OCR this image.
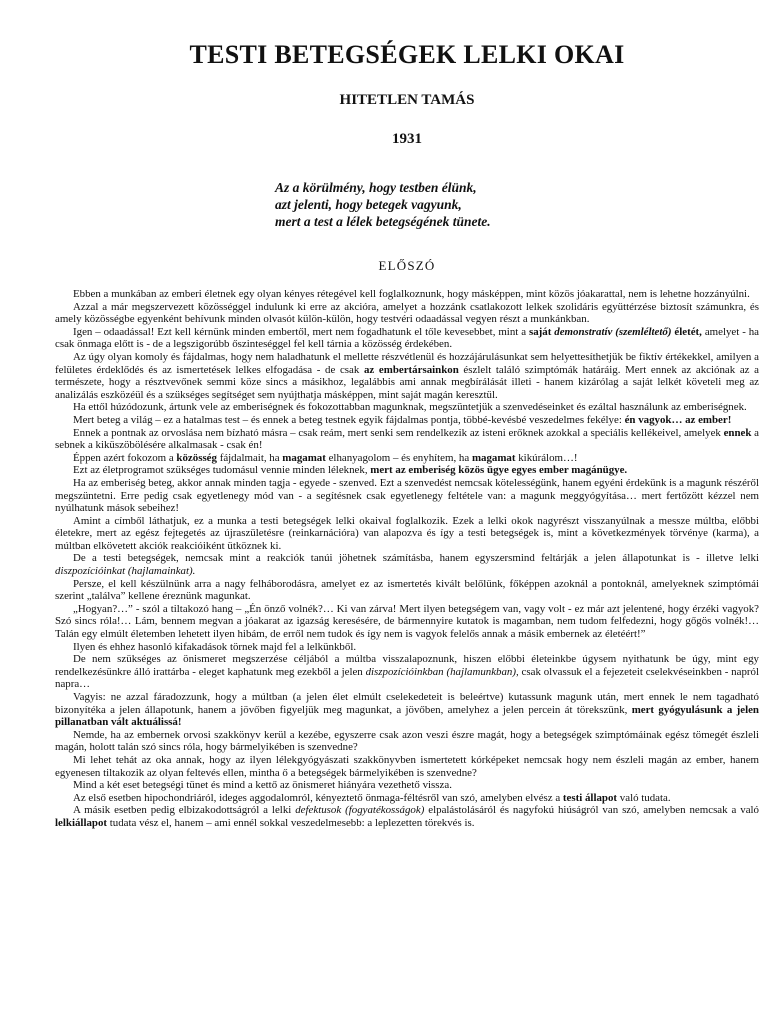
TESTI BETEGSÉGEK LELKI OKAI
HITETLEN TAMÁS
1931
Az a körülmény, hogy testben élünk,
azt jelenti, hogy betegek vagyunk,
mert a test a lélek betegségének tünete.
ELŐSZÓ

Ebben a munkában az emberi életnek egy olyan kényes rétegével kell foglalkoznunk, hogy másképpen, mint közös jóakarattal, nem is lehetne hozzányúlni.

Azzal a már megszervezett közösséggel indulunk ki erre az akcióra, amelyet a hozzánk csatlakozott lelkek szolidáris együttérzése biztosít számunkra, és amely közösségbe egyenként behívunk minden olvasót külön-külön, hogy testvéri odaadással vegyen részt a munkánkban.

Igen – odaadással! Ezt kell kérnünk minden embertől, mert nem fogadhatunk el tőle kevesebbet, mint a saját demonstratív (szemléltető) életét, amelyet - ha csak önmaga előtt is - de a legszigorúbb őszinteséggel fel kell tárnia a közösség érdekében.

Az úgy olyan komoly és fájdalmas, hogy nem haladhatunk el mellette részvétlenül és hozzájárulásunkat sem helyettesíthetjük be fiktív értékekkel, amilyen a felületes érdeklődés és az ismertetések lelkes elfogadása - de csak az embertársainkon észlelt találó szimptómák határáig. Mert ennek az akciónak az a természete, hogy a résztvevőnek semmi köze sincs a másikhoz, legalábbis ami annak megbírálását illeti - hanem kizárólag a saját lelkét követeli meg az analizálás eszközéül és a szükséges segítséget sem nyújthatja másképpen, mint saját magán keresztül.

Ha ettől húzódozunk, ártunk vele az emberiségnek és fokozottabban magunknak, megszüntetjük a szenvedéseinket és ezáltal használunk az emberiségnek.

Mert beteg a világ – ez a hatalmas test – és ennek a beteg testnek egyik fájdalmas pontja, többé-kevésbé veszedelmes fekélye: én vagyok… az ember!

Ennek a pontnak az orvoslása nem bízható másra – csak reám, mert senki sem rendelkezik az isteni erőknek azokkal a speciális kellékeivel, amelyek ennek a sebnek a kiküszöbölésére alkalmasak - csak én!

Éppen azért fokozom a közösség fájdalmait, ha magamat elhanyagolom – és enyhítem, ha magamat kikúrálom…!

Ezt az életprogramot szükséges tudomásul vennie minden léleknek, mert az emberiség közös ügye egyes ember magánügye.

Ha az emberiség beteg, akkor annak minden tagja - egyede - szenved. Ezt a szenvedést nemcsak kötelességünk, hanem egyéni érdekünk is a magunk részéről megszüntetni. Erre pedig csak egyetlenegy mód van - a segítésnek csak egyetlenegy feltétele van: a magunk meggyógyítása… mert fertőzött kézzel nem nyúlhatunk mások sebeihez!

Amint a címből láthatjuk, ez a munka a testi betegségek lelki okaival foglalkozik. Ezek a lelki okok nagyrészt visszanyúlnak a messze múltba, előbbi életekre, mert az egész fejtegetés az újraszületésre (reinkarnációra) van alapozva és így a testi betegségek is, mint a következmények törvénye (karma), a múltban elkövetett akciók reakcióiként ütköznek ki.

De a testi betegségek, nemcsak mint a reakciók tanúi jöhetnek számításba, hanem egyszersmind feltárják a jelen állapotunkat is - illetve lelki diszpozícióinkat (hajlamainkat).

Persze, el kell készülnünk arra a nagy felháborodásra, amelyet ez az ismertetés kivált belőlünk, főképpen azoknál a pontoknál, amelyeknek szimptómái szerint „találva” kellene éreznünk magunkat.

„Hogyan?…” - szól a tiltakozó hang – „Én önző volnék?… Ki van zárva! Mert ilyen betegségem van, vagy volt - ez már azt jelentené, hogy érzéki vagyok? Szó sincs róla!… Lám, bennem megvan a jóakarat az igazság keresésére, de bármennyire kutatok is magamban, nem tudom felfedezni, hogy gőgös volnék!… Talán egy elmúlt életemben lehetett ilyen hibám, de erről nem tudok és így nem is vagyok felelős annak a másik embernek az életéért!”

Ilyen és ehhez hasonló kifakadások törnek majd fel a lelkünkből.

De nem szükséges az önismeret megszerzése céljából a múltba visszalapoznunk, hiszen előbbi életeinkbe úgysem nyithatunk be úgy, mint egy rendelkezésünkre álló irattárba - eleget kaphatunk meg ezekből a jelen diszpozícióinkban (hajlamunkban), csak olvassuk el a fejezeteit cselekvéseinkben - napról napra…

Vagyis: ne azzal fáradozzunk, hogy a múltban (a jelen élet elmúlt cselekedeteit is beleértve) kutassunk magunk után, mert ennek le nem tagadható bizonyítéka a jelen állapotunk, hanem a jövőben figyeljük meg magunkat, a jövőben, amelyhez a jelen percein át törekszünk, mert gyógyulásunk a jelen pillanatban vált aktuálissá!

Nemde, ha az embernek orvosi szakkönyv kerül a kezébe, egyszerre csak azon veszi észre magát, hogy a betegségek szimptómáinak egész tömegét észleli magán, holott talán szó sincs róla, hogy bármelyikében is szenvedne?

Mi lehet tehát az oka annak, hogy az ilyen lélekgyógyászati szakkönyvben ismertetett kórképeket nemcsak hogy nem észleli magán az ember, hanem egyenesen tiltakozik az olyan feltevés ellen, mintha ő a betegségek bármelyikében is szenvedne?

Mind a két eset betegségi tünet és mind a kettő az önismeret hiányára vezethető vissza.

Az első esetben hipochondriáról, ideges aggodalomról, kényeztető önmaga-féltésről van szó, amelyben elvész a testi állapot való tudata.

A másik esetben pedig elbizakodottságról a lelki defektusok (fogyatékosságok) elpalástolásáról és nagyfokú hiúságról van szó, amelyben nemcsak a való lelkiállapot tudata vész el, hanem – ami ennél sokkal veszedelmesebb: a leplezetten törekvés is.
